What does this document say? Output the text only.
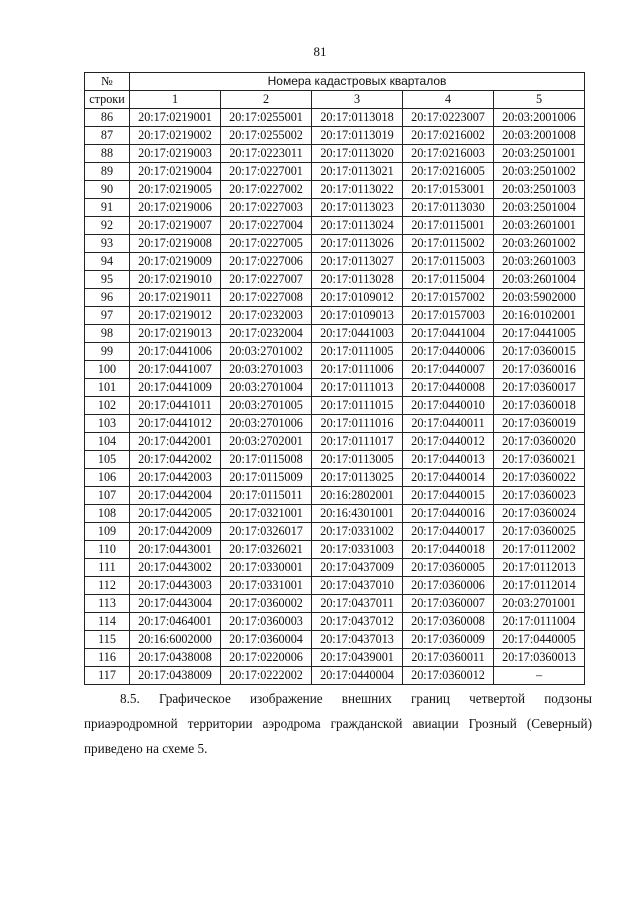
81
№	Номера кадастровых кварталов				
строки	1	2	3	4	5
86	20:17:0219001	20:17:0255001	20:17:0113018	20:17:0223007	20:03:2001006
87	20:17:0219002	20:17:0255002	20:17:0113019	20:17:0216002	20:03:2001008
88	20:17:0219003	20:17:0223011	20:17:0113020	20:17:0216003	20:03:2501001
89	20:17:0219004	20:17:0227001	20:17:0113021	20:17:0216005	20:03:2501002
90	20:17:0219005	20:17:0227002	20:17:0113022	20:17:0153001	20:03:2501003
91	20:17:0219006	20:17:0227003	20:17:0113023	20:17:0113030	20:03:2501004
92	20:17:0219007	20:17:0227004	20:17:0113024	20:17:0115001	20:03:2601001
93	20:17:0219008	20:17:0227005	20:17:0113026	20:17:0115002	20:03:2601002
94	20:17:0219009	20:17:0227006	20:17:0113027	20:17:0115003	20:03:2601003
95	20:17:0219010	20:17:0227007	20:17:0113028	20:17:0115004	20:03:2601004
96	20:17:0219011	20:17:0227008	20:17:0109012	20:17:0157002	20:03:5902000
97	20:17:0219012	20:17:0232003	20:17:0109013	20:17:0157003	20:16:0102001
98	20:17:0219013	20:17:0232004	20:17:0441003	20:17:0441004	20:17:0441005
99	20:17:0441006	20:03:2701002	20:17:0111005	20:17:0440006	20:17:0360015
100	20:17:0441007	20:03:2701003	20:17:0111006	20:17:0440007	20:17:0360016
101	20:17:0441009	20:03:2701004	20:17:0111013	20:17:0440008	20:17:0360017
102	20:17:0441011	20:03:2701005	20:17:0111015	20:17:0440010	20:17:0360018
103	20:17:0441012	20:03:2701006	20:17:0111016	20:17:0440011	20:17:0360019
104	20:17:0442001	20:03:2702001	20:17:0111017	20:17:0440012	20:17:0360020
105	20:17:0442002	20:17:0115008	20:17:0113005	20:17:0440013	20:17:0360021
106	20:17:0442003	20:17:0115009	20:17:0113025	20:17:0440014	20:17:0360022
107	20:17:0442004	20:17:0115011	20:16:2802001	20:17:0440015	20:17:0360023
108	20:17:0442005	20:17:0321001	20:16:4301001	20:17:0440016	20:17:0360024
109	20:17:0442009	20:17:0326017	20:17:0331002	20:17:0440017	20:17:0360025
110	20:17:0443001	20:17:0326021	20:17:0331003	20:17:0440018	20:17:0112002
111	20:17:0443002	20:17:0330001	20:17:0437009	20:17:0360005	20:17:0112013
112	20:17:0443003	20:17:0331001	20:17:0437010	20:17:0360006	20:17:0112014
113	20:17:0443004	20:17:0360002	20:17:0437011	20:17:0360007	20:03:2701001
114	20:17:0464001	20:17:0360003	20:17:0437012	20:17:0360008	20:17:0111004
115	20:16:6002000	20:17:0360004	20:17:0437013	20:17:0360009	20:17:0440005
116	20:17:0438008	20:17:0220006	20:17:0439001	20:17:0360011	20:17:0360013
117	20:17:0438009	20:17:0222002	20:17:0440004	20:17:0360012	–
8.5. Графическое изображение внешних границ четвертой подзоны
приаэродромной территории аэродрома гражданской авиации Грозный (Северный)
приведено на схеме 5.
